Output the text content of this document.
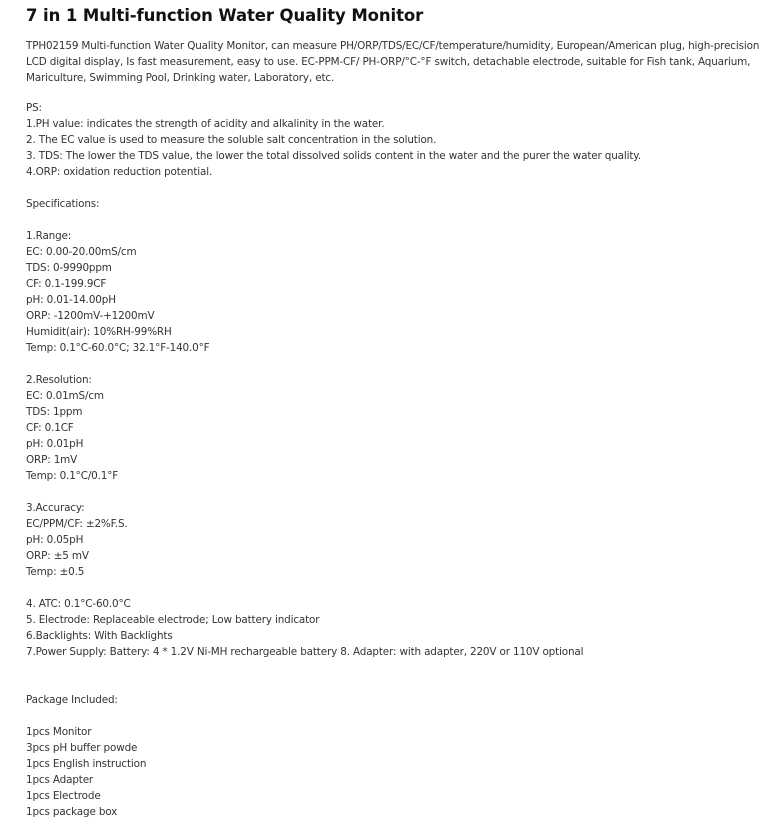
7 in 1 Multi-function Water Quality Monitor
TPH02159 Multi-function Water Quality Monitor, can measure PH/ORP/TDS/EC/CF/temperature/humidity, European/American plug, high-precision LCD digital display, Is fast measurement, easy to use. EC-PPM-CF/ PH-ORP/°C-°F switch, detachable electrode, suitable for Fish tank, Aquarium, Mariculture, Swimming Pool, Drinking water, Laboratory, etc.
PS:
1.PH value: indicates the strength of acidity and alkalinity in the water.
2. The EC value is used to measure the soluble salt concentration in the solution.
3. TDS: The lower the TDS value, the lower the total dissolved solids content in the water and the purer the water quality.
4.ORP: oxidation reduction potential.
Specifications:
1.Range:
EC: 0.00-20.00mS/cm
TDS: 0-9990ppm
CF: 0.1-199.9CF
pH: 0.01-14.00pH
ORP: -1200mV-+1200mV
Humidit(air): 10%RH-99%RH
Temp: 0.1°C-60.0°C; 32.1°F-140.0°F
2.Resolution:
EC: 0.01mS/cm
TDS: 1ppm
CF: 0.1CF
pH: 0.01pH
ORP: 1mV
Temp: 0.1°C/0.1°F
3.Accuracy:
EC/PPM/CF: ±2%F.S.
pH: 0.05pH
ORP: ±5 mV
Temp: ±0.5
4. ATC: 0.1°C-60.0°C
5. Electrode: Replaceable electrode; Low battery indicator
6.Backlights: With Backlights
7.Power Supply: Battery: 4 * 1.2V Ni-MH rechargeable battery 8. Adapter: with adapter, 220V or 110V optional
Package Included:
1pcs Monitor
3pcs pH buffer powde
1pcs English instruction
1pcs Adapter
1pcs Electrode
1pcs package box
